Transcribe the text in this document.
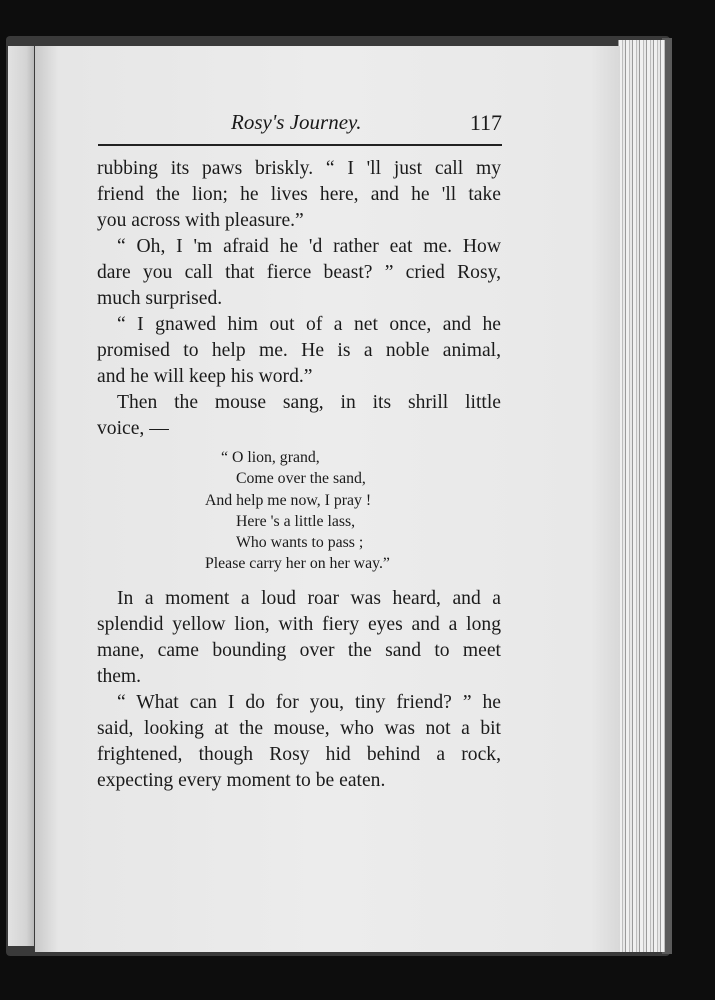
Rosy's Journey.	117
rubbing its paws briskly. “ I 'll just call my
friend the lion; he lives here, and he 'll take
you across with pleasure.”
“ Oh, I 'm afraid he 'd rather eat me. How
dare you call that fierce beast? ” cried Rosy,
much surprised.
“ I gnawed him out of a net once, and he
promised to help me. He is a noble animal,
and he will keep his word.”
Then the mouse sang, in its shrill little
voice, —
“ O lion, grand,
Come over the sand,
And help me now, I pray !
Here 's a little lass,
Who wants to pass ;
Please carry her on her way.”
In a moment a loud roar was heard, and a
splendid yellow lion, with fiery eyes and a long
mane, came bounding over the sand to meet
them.
“ What can I do for you, tiny friend? ” he
said, looking at the mouse, who was not a bit
frightened, though Rosy hid behind a rock,
expecting every moment to be eaten.
